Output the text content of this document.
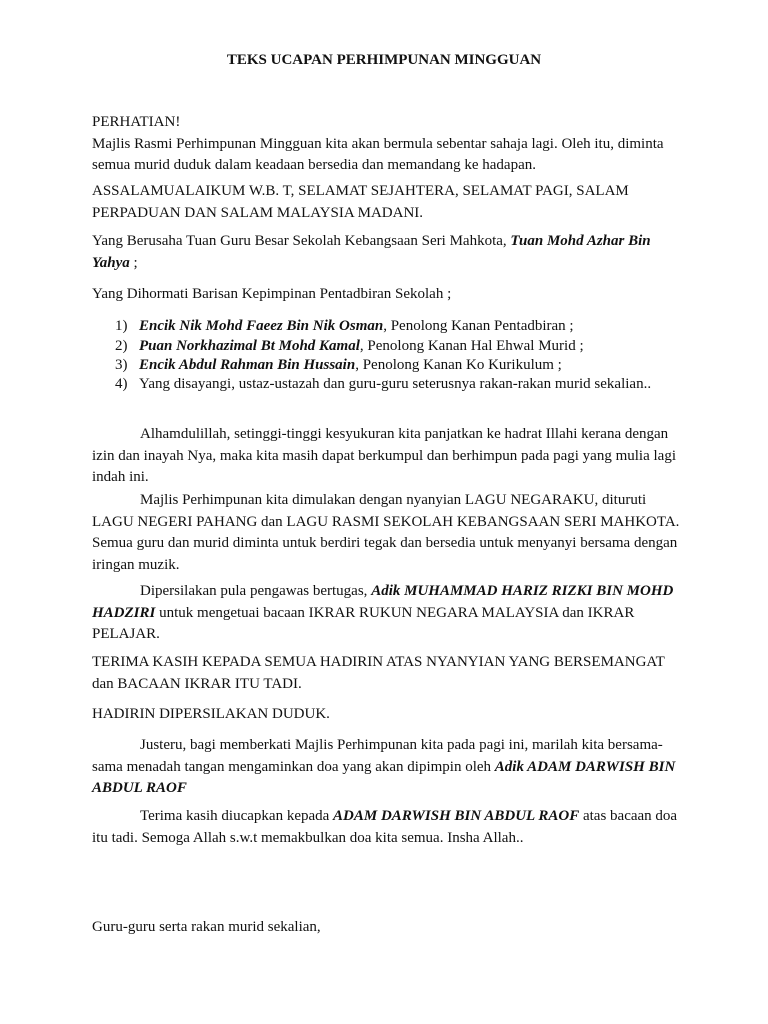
TEKS UCAPAN PERHIMPUNAN MINGGUAN

PERHATIAN!
Majlis Rasmi Perhimpunan Mingguan kita akan bermula sebentar sahaja lagi. Oleh itu, diminta
semua murid duduk dalam keadaan bersedia dan memandang ke hadapan.

ASSALAMUALAIKUM W.B. T, SELAMAT SEJAHTERA, SELAMAT PAGI, SALAM
PERPADUAN DAN SALAM MALAYSIA MADANI.

Yang Berusaha Tuan Guru Besar Sekolah Kebangsaan Seri Mahkota, Tuan Mohd Azhar Bin
Yahya ;

Yang Dihormati Barisan Kepimpinan Pentadbiran Sekolah ;

1) Encik Nik Mohd Faeez Bin Nik Osman, Penolong Kanan Pentadbiran ;
2) Puan Norkhazimal Bt Mohd Kamal, Penolong Kanan Hal Ehwal Murid ;
3) Encik Abdul Rahman Bin Hussain, Penolong Kanan Ko Kurikulum ;
4) Yang disayangi, ustaz-ustazah dan guru-guru seterusnya rakan-rakan murid sekalian..

Alhamdulillah, setinggi-tinggi kesyukuran kita panjatkan ke hadrat Illahi kerana dengan
izin dan inayah Nya, maka kita masih dapat berkumpul dan berhimpun pada pagi yang mulia lagi
indah ini.

Majlis Perhimpunan kita dimulakan dengan nyanyian LAGU NEGARAKU, dituruti
LAGU NEGERI PAHANG dan LAGU RASMI SEKOLAH KEBANGSAAN SERI MAHKOTA.
Semua guru dan murid diminta untuk berdiri tegak dan bersedia untuk menyanyi bersama dengan
iringan muzik.

Dipersilakan pula pengawas bertugas, Adik MUHAMMAD HARIZ RIZKI BIN MOHD
HADZIRI untuk mengetuai bacaan IKRAR RUKUN NEGARA MALAYSIA dan IKRAR
PELAJAR.

TERIMA KASIH KEPADA SEMUA HADIRIN ATAS NYANYIAN YANG BERSEMANGAT
dan BACAAN IKRAR ITU TADI.

HADIRIN DIPERSILAKAN DUDUK.

Justeru, bagi memberkati Majlis Perhimpunan kita pada pagi ini, marilah kita bersama-
sama menadah tangan mengaminkan doa yang akan dipimpin oleh Adik ADAM DARWISH BIN
ABDUL RAOF

Terima kasih diucapkan kepada ADAM DARWISH BIN ABDUL RAOF atas bacaan doa
itu tadi. Semoga Allah s.w.t memakbulkan doa kita semua. Insha Allah..

Guru-guru serta rakan murid sekalian,
